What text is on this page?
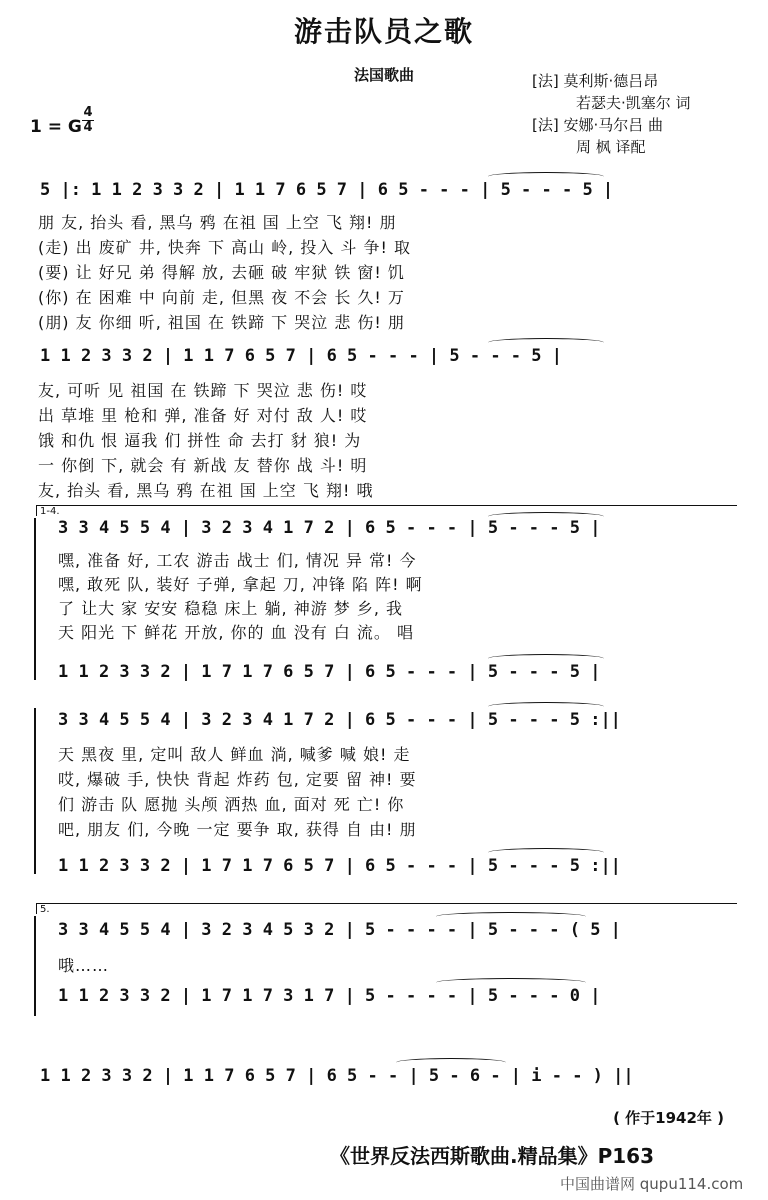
游击队员之歌
法国歌曲	[法] 莫利斯·德吕昂
若瑟夫·凯塞尔 词
[法] 安娜·马尔吕 曲
周 枫 译配
1 = G
4
4
5 |: 1 1 2 3 3 2 | 1 1 7 6 5 7 | 6 5 - - - | 5 - - - 5 |
朋 友, 抬头 看, 黑乌 鸦 在祖 国 上空 飞 翔! 朋
(走) 出 废矿 井, 快奔 下 高山 岭, 投入 斗 争! 取
(要) 让 好兄 弟 得解 放, 去砸 破 牢狱 铁 窗! 饥
(你) 在 困难 中 向前 走, 但黑 夜 不会 长 久! 万
(朋) 友 你细 听, 祖国 在 铁蹄 下 哭泣 悲 伤! 朋
1 1 2 3 3 2 | 1 1 7 6 5 7 | 6 5 - - - | 5 - - - 5 |
友, 可听 见 祖国 在 铁蹄 下 哭泣 悲 伤! 哎
出 草堆 里 枪和 弹, 准备 好 对付 敌 人! 哎
饿 和仇 恨 逼我 们 拼性 命 去打 豺 狼! 为
一 你倒 下, 就会 有 新战 友 替你 战 斗! 明
友, 抬头 看, 黑乌 鸦 在祖 国 上空 飞 翔! 哦
1-4.
3 3 4 5 5 4 | 3 2 3 4 1 7 2 | 6 5 - - - | 5 - - - 5 |
嘿, 准备 好, 工农 游击 战士 们, 情况 异 常! 今
嘿, 敢死 队, 装好 子弹, 拿起 刀, 冲锋 陷 阵! 啊
了 让大 家 安安 稳稳 床上 躺, 神游 梦 乡, 我
天 阳光 下 鲜花 开放, 你的 血 没有 白 流。 唱
1 1 2 3 3 2 | 1 7 1 7 6 5 7 | 6 5 - - - | 5 - - - 5 |
3 3 4 5 5 4 | 3 2 3 4 1 7 2 | 6 5 - - - | 5 - - - 5 :||
天 黑夜 里, 定叫 敌人 鲜血 淌, 喊爹 喊 娘! 走
哎, 爆破 手, 快快 背起 炸药 包, 定要 留 神! 要
们 游击 队 愿抛 头颅 洒热 血, 面对 死 亡! 你
吧, 朋友 们, 今晚 一定 要争 取, 获得 自 由! 朋
1 1 2 3 3 2 | 1 7 1 7 6 5 7 | 6 5 - - - | 5 - - - 5 :||
5.
3 3 4 5 5 4 | 3 2 3 4 5 3 2 | 5 - - - - | 5 - - - ( 5 |
哦……
1 1 2 3 3 2 | 1 7 1 7 3 1 7 | 5 - - - - | 5 - - - 0 |
1 1 2 3 3 2 | 1 1 7 6 5 7 | 6 5 - - | 5 - 6 - | i - - ) ||
( 作于1942年 )
《世界反法西斯歌曲.精品集》P163
中国曲谱网 qupu114.com
